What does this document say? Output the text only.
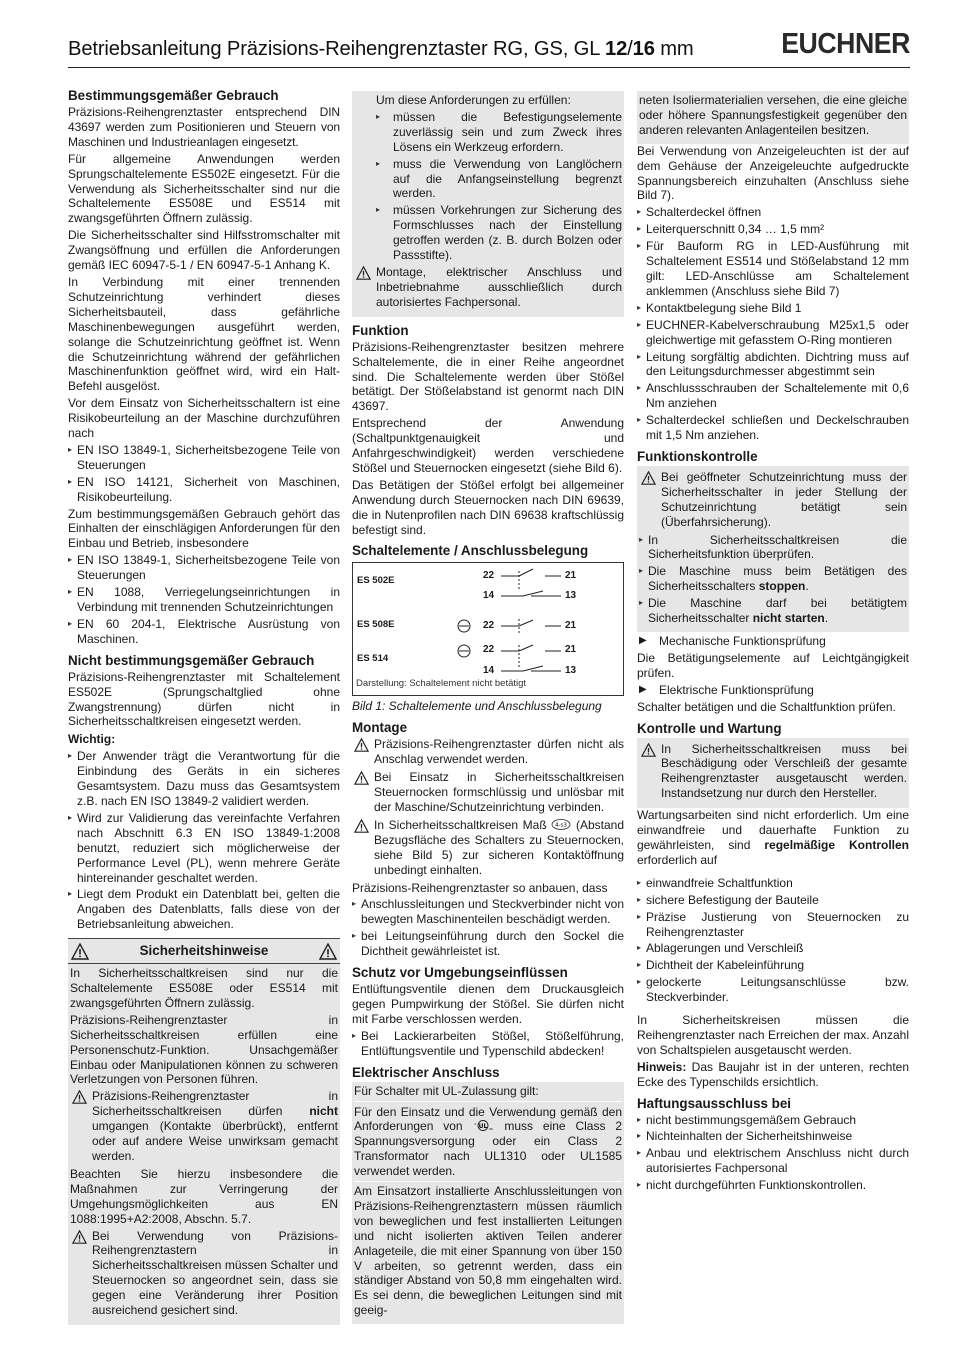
Betriebsanleitung Präzisions-Reihengrenztaster RG, GS, GL 12/16 mm	EUCHNER
Bestimmungsgemäßer Gebrauch

Präzisions-Reihengrenztaster entsprechend DIN 43697 werden zum Positionieren und Steuern von Maschinen und Industrieanlagen eingesetzt.

Für allgemeine Anwendungen werden Sprungschaltelemente ES502E eingesetzt. Für die Verwendung als Sicherheitsschalter sind nur die Schaltelemente ES508E und ES514 mit zwangsgeführten Öffnern zulässig.

Die Sicherheitsschalter sind Hilfsstromschalter mit Zwangsöffnung und erfüllen die Anforderungen gemäß IEC 60947-5-1 / EN 60947-5-1 Anhang K.

In Verbindung mit einer trennenden Schutzeinrichtung verhindert dieses Sicherheitsbauteil, dass gefährliche Maschinenbewegungen ausgeführt werden, solange die Schutzeinrichtung geöffnet ist. Wenn die Schutzeinrichtung während der gefährlichen Maschinenfunktion geöffnet wird, wird ein Halt-Befehl ausgelöst.

Vor dem Einsatz von Sicherheitsschaltern ist eine Risikobeurteilung an der Maschine durchzuführen nach

▸ EN ISO 13849-1, Sicherheitsbezogene Teile von Steuerungen
▸ EN ISO 14121, Sicherheit von Maschinen, Risikobeurteilung.

Zum bestimmungsgemäßen Gebrauch gehört das Einhalten der einschlägigen Anforderungen für den Einbau und Betrieb, insbesondere

▸ EN ISO 13849-1, Sicherheitsbezogene Teile von Steuerungen
▸ EN 1088, Verriegelungseinrichtungen in Verbindung mit trennenden Schutzeinrichtungen
▸ EN 60 204-1, Elektrische Ausrüstung von Maschinen.
Nicht bestimmungsgemäßer Gebrauch

Präzisions-Reihengrenztaster mit Schaltelement ES502E (Sprungschaltglied ohne Zwangstrennung) dürfen nicht in Sicherheitsschaltkreisen eingesetzt werden.

Wichtig:

▸ Der Anwender trägt die Verantwortung für die Einbindung des Geräts in ein sicheres Gesamtsystem. Dazu muss das Gesamtsystem z.B. nach EN ISO 13849-2 validiert werden.
▸ Wird zur Validierung das vereinfachte Verfahren nach Abschnitt 6.3 EN ISO 13849-1:2008 benutzt, reduziert sich möglicherweise der Performance Level (PL), wenn mehrere Geräte hintereinander geschaltet werden.
▸ Liegt dem Produkt ein Datenblatt bei, gelten die Angaben des Datenblatts, falls diese von der Betriebsanleitung abweichen.
Sicherheitshinweise

In Sicherheitsschaltkreisen sind nur die Schaltelemente ES508E oder ES514 mit zwangsgeführten Öffnern zulässig.

Präzisions-Reihengrenztaster in Sicherheitsschaltkreisen erfüllen eine Personenschutz-Funktion. Unsachgemäßer Einbau oder Manipulationen können zu schweren Verletzungen von Personen führen.

Präzisions-Reihengrenztaster in Sicherheitsschaltkreisen dürfen nicht umgangen (Kontakte überbrückt), entfernt oder auf andere Weise unwirksam gemacht werden.

Beachten Sie hierzu insbesondere die Maßnahmen zur Verringerung der Umgehungsmöglichkeiten aus EN 1088:1995+A2:2008, Abschn. 5.7.

Bei Verwendung von Präzisions-Reihengrenztastern in Sicherheitsschaltkreisen müssen Schalter und Steuernocken so angeordnet sein, dass sie gegen eine Veränderung ihrer Position ausreichend gesichert sind.

Um diese Anforderungen zu erfüllen:

▸ müssen die Befestigungselemente zuverlässig sein und zum Zweck ihres Lösens ein Werkzeug erfordern.
▸ muss die Verwendung von Langlöchern auf die Anfangseinstellung begrenzt werden.
▸ müssen Vorkehrungen zur Sicherung des Formschlusses nach der Einstellung getroffen werden (z. B. durch Bolzen oder Passstifte).
Montage, elektrischer Anschluss und Inbetriebnahme ausschließlich durch autorisiertes Fachpersonal.
Funktion

Präzisions-Reihengrenztaster besitzen mehrere Schaltelemente, die in einer Reihe angeordnet sind. Die Schaltelemente werden über Stößel betätigt. Der Stößelabstand ist genormt nach DIN 43697.

Entsprechend der Anwendung (Schaltpunktgenauigkeit und Anfahrgeschwindigkeit) werden verschiedene Stößel und Steuernocken eingesetzt (siehe Bild 6).

Das Betätigen der Stößel erfolgt bei allgemeiner Anwendung durch Steuernocken nach DIN 69639, die in Nutenprofilen nach DIN 69638 kraftschlüssig befestigt sind.

Schaltelemente / Anschlussbelegung
ES 502E
ES 508E
ES 514
22	21
14	13
22	21
22	21
14	13
Darstellung: Schaltelement nicht betätigt

Bild 1: Schaltelemente und Anschlussbelegung

Montage
Präzisions-Reihengrenztaster dürfen nicht als Anschlag verwendet werden.
Bei Einsatz in Sicherheitsschaltkreisen Steuernocken formschlüssig und unlösbar mit der Maschine/Schutzeinrichtung verbinden.
In Sicherheitsschaltkreisen Maß 4-s3 (Abstand Bezugsfläche des Schalters zu Steuernocken, siehe Bild 5) zur sicheren Kontaktöffnung unbedingt einhalten.

Präzisions-Reihengrenztaster so anbauen, dass

▸ Anschlussleitungen und Steckverbinder nicht von bewegten Maschinenteilen beschädigt werden.
▸ bei Leitungseinführung durch den Sockel die Dichtheit gewährleistet ist.
Schutz vor Umgebungseinflüssen

Entlüftungsventile dienen dem Druckausgleich gegen Pumpwirkung der Stößel. Sie dürfen nicht mit Farbe verschlossen werden.

▸ Bei Lackierarbeiten Stößel, Stößelführung, Entlüftungsventile und Typenschild abdecken!
Elektrischer Anschluss

Für Schalter mit UL-Zulassung gilt:

Für den Einsatz und die Verwendung gemäß den Anforderungen von UL
c
us muss eine Class 2 Spannungsversorgung oder ein Class 2 Transformator nach UL1310 oder UL1585 verwendet werden.

Am Einsatzort installierte Anschlussleitungen von Präzisions-Reihengrenztastern müssen räumlich von beweglichen und fest installierten Leitungen und nicht isolierten aktiven Teilen anderer Anlageteile, die mit einer Spannung von über 150 V arbeiten, so getrennt werden, dass ein ständiger Abstand von 50,8 mm eingehalten wird. Es sei denn, die beweglichen Leitungen sind mit geeig-

neten Isoliermaterialien versehen, die eine gleiche oder höhere Spannungsfestigkeit gegenüber den anderen relevanten Anlagenteilen besitzen.

Bei Verwendung von Anzeigeleuchten ist der auf dem Gehäuse der Anzeigeleuchte aufgedruckte Spannungsbereich einzuhalten (Anschluss siehe Bild 7).

▸ Schalterdeckel öffnen
▸ Leiterquerschnitt 0,34 … 1,5 mm²
▸ Für Bauform RG in LED-Ausführung mit Schaltelement ES514 und Stößelabstand 12 mm gilt: LED-Anschlüsse am Schaltelement anklemmen (Anschluss siehe Bild 7)
▸ Kontaktbelegung siehe Bild 1
▸ EUCHNER-Kabelverschraubung M25x1,5 oder gleichwertige mit gefasstem O-Ring montieren
▸ Leitung sorgfältig abdichten. Dichtring muss auf den Leitungsdurchmesser abgestimmt sein
▸ Anschlussschrauben der Schaltelemente mit 0,6 Nm anziehen
▸ Schalterdeckel schließen und Deckelschrauben mit 1,5 Nm anziehen.
Funktionskontrolle
Bei geöffneter Schutzeinrichtung muss der Sicherheitsschalter in jeder Stellung der Schutzeinrichtung betätigt sein (Überfahrsicherung).
▸ In Sicherheitsschaltkreisen die Sicherheitsfunktion überprüfen.
▸ Die Maschine muss beim Betätigen des Sicherheitsschalters stoppen.
▸ Die Maschine darf bei betätigtem Sicherheitsschalter nicht starten.

▶ Mechanische Funktionsprüfung

Die Betätigungselemente auf Leichtgängigkeit prüfen.

▶ Elektrische Funktionsprüfung

Schalter betätigen und die Schaltfunktion prüfen.

Kontrolle und Wartung
In Sicherheitsschaltkreisen muss bei Beschädigung oder Verschleiß der gesamte Reihengrenztaster ausgetauscht werden. Instandsetzung nur durch den Hersteller.

Wartungsarbeiten sind nicht erforderlich. Um eine einwandfreie und dauerhafte Funktion zu gewährleisten, sind regelmäßige Kontrollen erforderlich auf

▸ einwandfreie Schaltfunktion
▸ sichere Befestigung der Bauteile
▸ Präzise Justierung von Steuernocken zu Reihengrenztaster
▸ Ablagerungen und Verschleiß
▸ Dichtheit der Kabeleinführung
▸ gelockerte Leitungsanschlüsse bzw. Steckverbinder.

In Sicherheitskreisen müssen die Reihengrenztaster nach Erreichen der max. Anzahl von Schaltspielen ausgetauscht werden.

Hinweis: Das Baujahr ist in der unteren, rechten Ecke des Typenschilds ersichtlich.

Haftungsausschluss bei
▸ nicht bestimmungsgemäßem Gebrauch
▸ Nichteinhalten der Sicherheitshinweise
▸ Anbau und elektrischem Anschluss nicht durch autorisiertes Fachpersonal
▸ nicht durchgeführten Funktionskontrollen.
